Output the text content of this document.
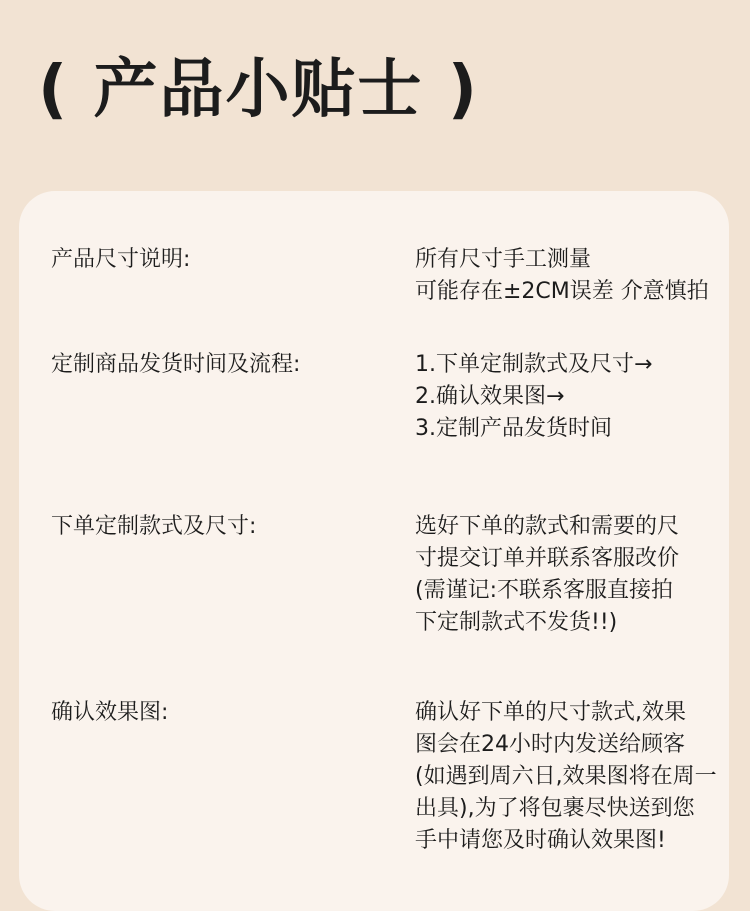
( 产品小贴士 )
产品尺寸说明:	所有尺寸手工测量
可能存在±2CM误差 介意慎拍
定制商品发货时间及流程:	1.下单定制款式及尺寸→
2.确认效果图→
3.定制产品发货时间
下单定制款式及尺寸:	选好下单的款式和需要的尺
寸提交订单并联系客服改价
(需谨记:不联系客服直接拍
下定制款式不发货!!)
确认效果图:	确认好下单的尺寸款式,效果
图会在24小时内发送给顾客
(如遇到周六日,效果图将在周一
出具),为了将包裹尽快送到您
手中请您及时确认效果图!
